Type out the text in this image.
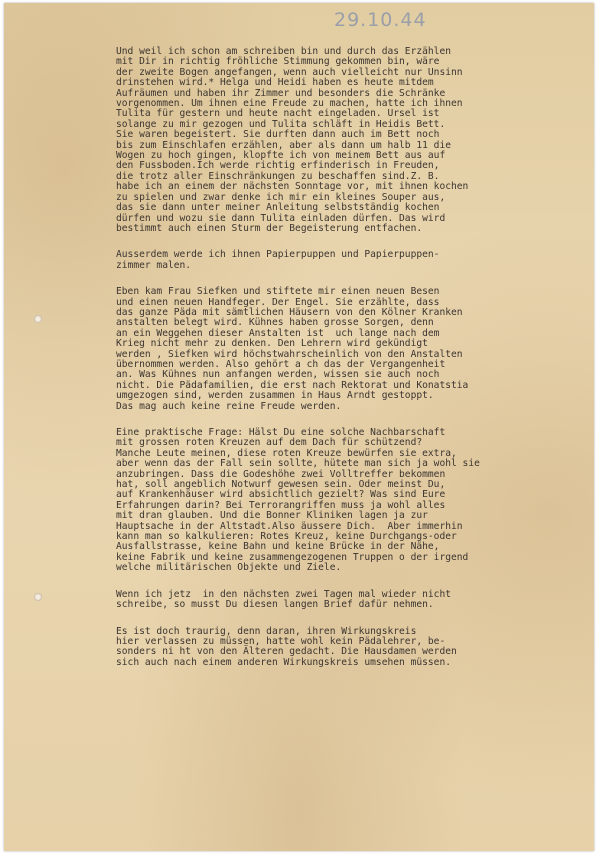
29.10.44
Und weil ich schon am schreiben bin und durch das Erzählen
mit Dir in richtig fröhliche Stimmung gekommen bin, wäre
der zweite Bogen angefangen, wenn auch vielleicht nur Unsinn
drinstehen wird.* Helga und Heidi haben es heute mitdem
Aufräumen und haben ihr Zimmer und besonders die Schränke
vorgenommen. Um ihnen eine Freude zu machen, hatte ich ihnen
Tulita für gestern und heute nacht eingeladen. Ursel ist
solange zu mir gezogen und Tulita schläft in Heidis Bett.
Sie waren begeistert. Sie durften dann auch im Bett noch
bis zum Einschlafen erzählen, aber als dann um halb 11 die
Wogen zu hoch gingen, klopfte ich von meinem Bett aus auf
den Fussboden.Ich werde richtig erfinderisch in Freuden,
die trotz aller Einschränkungen zu beschaffen sind.Z. B.
habe ich an einem der nächsten Sonntage vor, mit ihnen kochen
zu spielen und zwar denke ich mir ein kleines Souper aus,
das sie dann unter meiner Anleitung selbstständig kochen
dürfen und wozu sie dann Tulita einladen dürfen. Das wird
bestimmt auch einen Sturm der Begeisterung entfachen.
Ausserdem werde ich ihnen Papierpuppen und Papierpuppen-
zimmer malen.
Eben kam Frau Siefken und stiftete mir einen neuen Besen
und einen neuen Handfeger. Der Engel. Sie erzählte, dass
das ganze Päda mit sämtlichen Häusern von den Kölner Kranken
anstalten belegt wird. Kühnes haben grosse Sorgen, denn
an ein Weggehen dieser Anstalten ist  uch lange nach dem
Krieg nicht mehr zu denken. Den Lehrern wird gekündigt
werden , Siefken wird höchstwahrscheinlich von den Anstalten
übernommen werden. Also gehört a ch das der Vergangenheit
an. Was Kühnes nun anfangen werden, wissen sie auch noch
nicht. Die Pädafamilien, die erst nach Rektorat und Konatstia
umgezogen sind, werden zusammen in Haus Arndt gestoppt.
Das mag auch keine reine Freude werden.
Eine praktische Frage: Hälst Du eine solche Nachbarschaft
mit grossen roten Kreuzen auf dem Dach für schützend?
Manche Leute meinen, diese roten Kreuze bewürfen sie extra,
aber wenn das der Fall sein sollte, hütete man sich ja wohl sie
anzubringen. Dass die Godeshöhe zwei Volltreffer bekommen
hat, soll angeblich Notwurf gewesen sein. Oder meinst Du,
auf Krankenhäuser wird absichtlich gezielt? Was sind Eure
Erfahrungen darin? Bei Terrorangriffen muss ja wohl alles
mit dran glauben. Und die Bonner Kliniken lagen ja zur
Hauptsache in der Altstadt.Also äussere Dich.  Aber immerhin
kann man so kalkulieren: Rotes Kreuz, keine Durchgangs-oder
Ausfallstrasse, keine Bahn und keine Brücke in der Nähe,
keine Fabrik und keine zusammengezogenen Truppen o der irgend
welche militärischen Objekte und Ziele.
Wenn ich jetz  in den nächsten zwei Tagen mal wieder nicht
schreibe, so musst Du diesen langen Brief dafür nehmen.
Es ist doch traurig, denn daran, ihren Wirkungskreis
hier verlassen zu müssen, hatte wohl kein Pädalehrer, be-
sonders ni ht von den Älteren gedacht. Die Hausdamen werden
sich auch nach einem anderen Wirkungskreis umsehen müssen.
